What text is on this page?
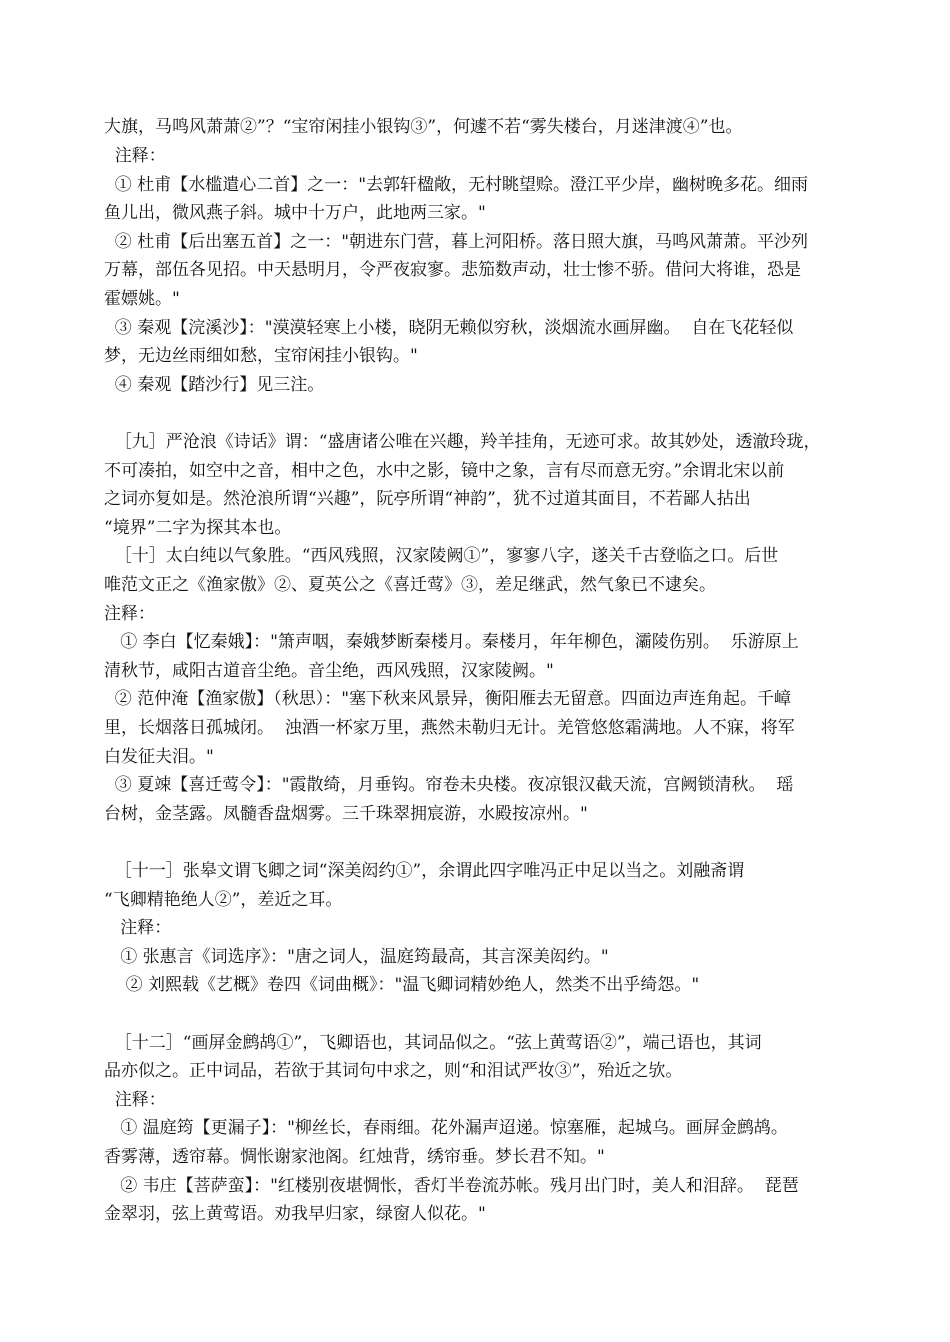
大旗，马鸣风萧萧②”？“宝帘闲挂小银钩③”，何遽不若“雾失楼台，月迷津渡④”也。
注释：
① 杜甫【水槛遣心二首】之一："去郭轩楹敞，无村眺望赊。澄江平少岸，幽树晚多花。细雨
鱼儿出，微风燕子斜。城中十万户，此地两三家。"
② 杜甫【后出塞五首】之一："朝进东门营，暮上河阳桥。落日照大旗，马鸣风萧萧。平沙列
万幕，部伍各见招。中天悬明月，令严夜寂寥。悲笳数声动，壮士惨不骄。借问大将谁，恐是
霍嫖姚。"
③ 秦观【浣溪沙】："漠漠轻寒上小楼，晓阴无赖似穷秋，淡烟流水画屏幽。  自在飞花轻似
梦，无边丝雨细如愁，宝帘闲挂小银钩。"
④ 秦观【踏沙行】见三注。
［九］严沧浪《诗话》谓：“盛唐诸公唯在兴趣，羚羊挂角，无迹可求。故其妙处，透澈玲珑，
不可凑拍，如空中之音，相中之色，水中之影，镜中之象，言有尽而意无穷。”余谓北宋以前
之词亦复如是。然沧浪所谓“兴趣”，阮亭所谓“神韵”，犹不过道其面目，不若鄙人拈出
“境界”二字为探其本也。
［十］太白纯以气象胜。“西风残照，汉家陵阙①”，寥寥八字，遂关千古登临之口。后世
唯范文正之《渔家傲》②、夏英公之《喜迁莺》③，差足继武，然气象已不逮矣。
注释：
① 李白【忆秦娥】："箫声咽，秦娥梦断秦楼月。秦楼月，年年柳色，灞陵伤别。  乐游原上
清秋节，咸阳古道音尘绝。音尘绝，西风残照，汉家陵阙。"
② 范仲淹【渔家傲】（秋思）："塞下秋来风景异，衡阳雁去无留意。四面边声连角起。千嶂
里，长烟落日孤城闭。  浊酒一杯家万里，燕然未勒归无计。羌管悠悠霜满地。人不寐，将军
白发征夫泪。"
③ 夏竦【喜迁莺令】："霞散绮，月垂钩。帘卷未央楼。夜凉银汉截天流，宫阙锁清秋。  瑶
台树，金茎露。凤髓香盘烟雾。三千珠翠拥宸游，水殿按凉州。"
［十一］张皋文谓飞卿之词“深美闳约①”，余谓此四字唯冯正中足以当之。刘融斋谓
“飞卿精艳绝人②”，差近之耳。
注释：
① 张惠言《词选序》："唐之词人，温庭筠最高，其言深美闳约。"
② 刘熙载《艺概》卷四《词曲概》："温飞卿词精妙绝人，然类不出乎绮怨。"
［十二］“画屏金鹧鸪①”，飞卿语也，其词品似之。“弦上黄莺语②”，端己语也，其词
品亦似之。正中词品，若欲于其词句中求之，则“和泪试严妆③”，殆近之欤。
注释：
① 温庭筠【更漏子】："柳丝长，春雨细。花外漏声迢递。惊塞雁，起城乌。画屏金鹧鸪。
香雾薄，透帘幕。惆怅谢家池阁。红烛背，绣帘垂。梦长君不知。"
② 韦庄【菩萨蛮】："红楼别夜堪惆怅，香灯半卷流苏帐。残月出门时，美人和泪辞。  琵琶
金翠羽，弦上黄莺语。劝我早归家，绿窗人似花。"
